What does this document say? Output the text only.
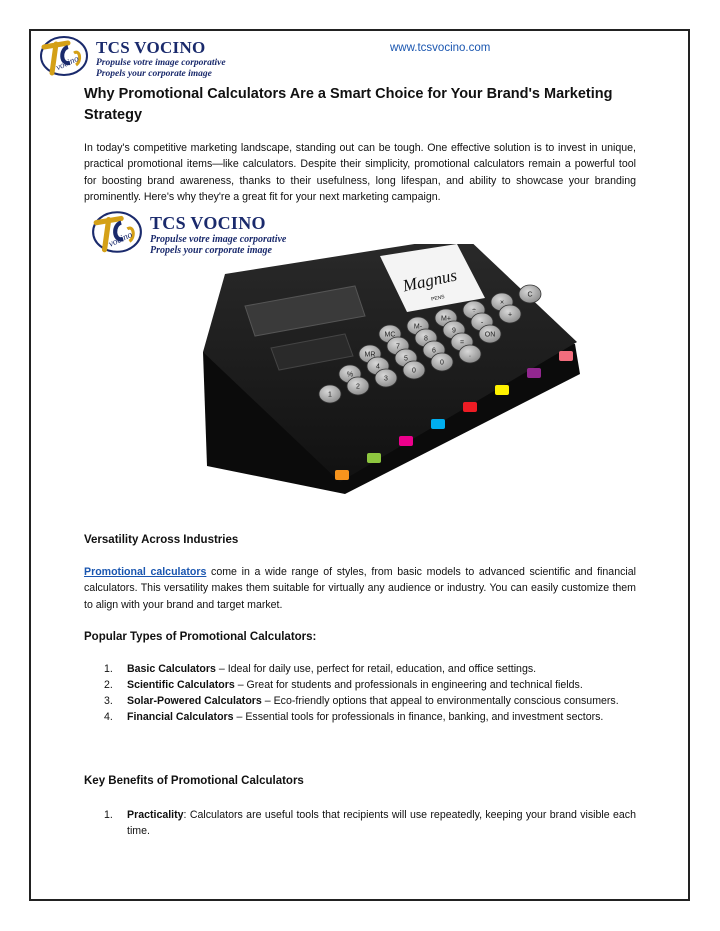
vocino
TCS VOCINO
Propulse votre image corporative
Propels your corporate image
www.tcsvocino.com
Why Promotional Calculators Are a Smart Choice for Your Brand's Marketing Strategy

In today's competitive marketing landscape, standing out can be tough. One effective solution is to invest in unique, practical promotional items—like calculators. Despite their simplicity, promotional calculators remain a powerful tool for boosting brand awareness, thanks to their usefulness, long lifespan, and ability to showcase your branding prominently. Here's why they're a great fit for your next marketing campaign.

vocino
TCS VOCINO
Propulse votre image corporative
Propels your corporate image
Magnus
PENS
MC
M-
M+
÷
×
C
MR
7
8
9
-
+
%
4
5
6
=
ON
1
2
3
0
0
.

Versatility Across Industries

Promotional calculators come in a wide range of styles, from basic models to advanced scientific and financial calculators. This versatility makes them suitable for virtually any audience or industry. You can easily customize them to align with your brand and target market.

Popular Types of Promotional Calculators:

1. Basic Calculators – Ideal for daily use, perfect for retail, education, and office settings.
2. Scientific Calculators – Great for students and professionals in engineering and technical fields.
3. Solar-Powered Calculators – Eco-friendly options that appeal to environmentally conscious consumers.
4. Financial Calculators – Essential tools for professionals in finance, banking, and investment sectors.

Key Benefits of Promotional Calculators

1. Practicality: Calculators are useful tools that recipients will use repeatedly, keeping your brand visible each time.
